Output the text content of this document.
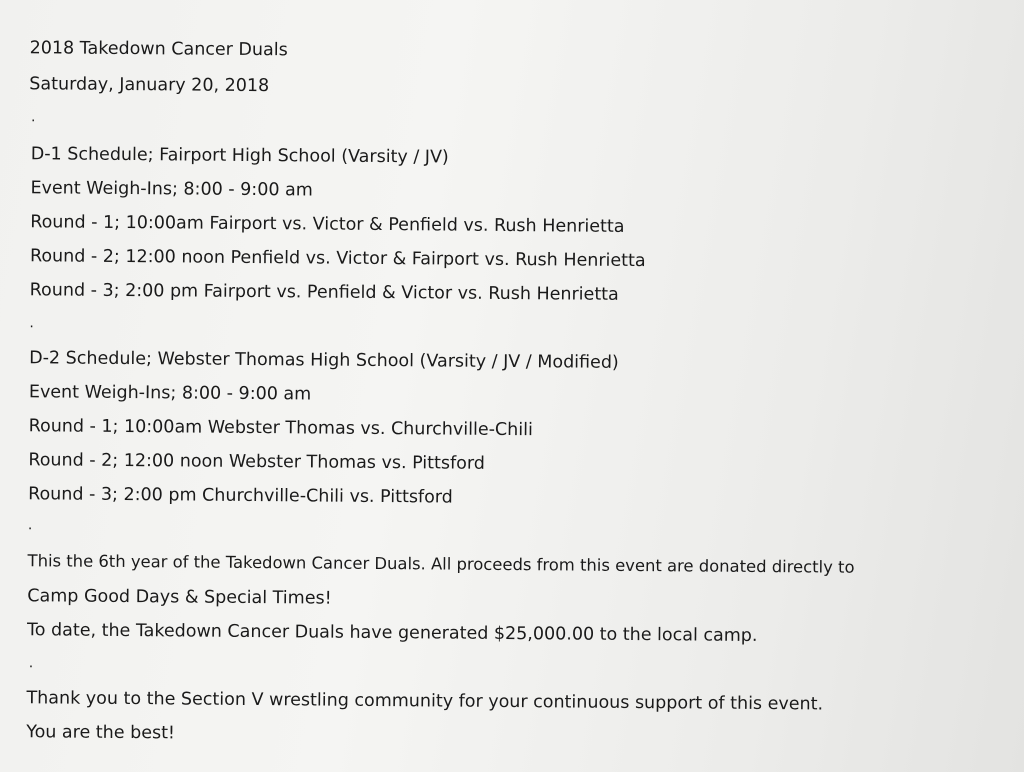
2018 Takedown Cancer Duals
Saturday, January 20, 2018
.
D-1 Schedule; Fairport High School (Varsity / JV)
Event Weigh-Ins; 8:00 - 9:00 am
Round - 1; 10:00am Fairport vs. Victor & Penfield vs. Rush Henrietta
Round - 2; 12:00 noon Penfield vs. Victor & Fairport vs. Rush Henrietta
Round - 3; 2:00 pm Fairport vs. Penfield & Victor vs. Rush Henrietta
.
D-2 Schedule; Webster Thomas High School (Varsity / JV / Modified)
Event Weigh-Ins; 8:00 - 9:00 am
Round - 1; 10:00am Webster Thomas vs. Churchville-Chili
Round - 2; 12:00 noon Webster Thomas vs. Pittsford
Round - 3; 2:00 pm Churchville-Chili vs. Pittsford
.
This the 6th year of the Takedown Cancer Duals. All proceeds from this event are donated directly to
Camp Good Days & Special Times!
To date, the Takedown Cancer Duals have generated $25,000.00 to the local camp.
.
Thank you to the Section V wrestling community for your continuous support of this event.
You are the best!
